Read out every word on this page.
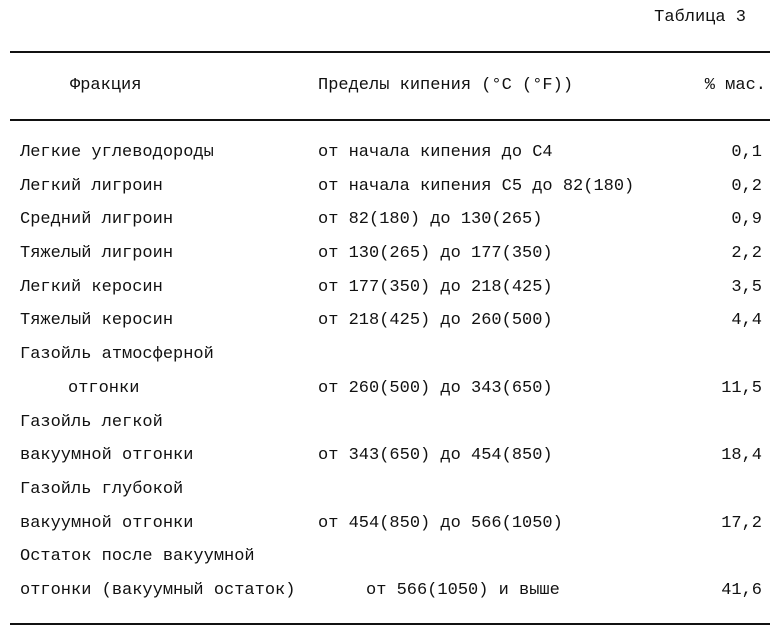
Таблица 3
Фракция	Пределы кипения (°C (°F))	% мас.
Легкие углеводороды	от начала кипения до С4	0,1
Легкий лигроин	от начала кипения С5 до 82(180)	0,2
Средний лигроин	от 82(180) до 130(265)	0,9
Тяжелый лигроин	от 130(265) до 177(350)	2,2
Легкий керосин	от 177(350) до 218(425)	3,5
Тяжелый керосин	от 218(425) до 260(500)	4,4
Газойль атмосферной
отгонки	от 260(500) до 343(650)	11,5
Газойль легкой
вакуумной отгонки	от 343(650) до 454(850)	18,4
Газойль глубокой
вакуумной отгонки	от 454(850) до 566(1050)	17,2
Остаток после вакуумной
отгонки (вакуумный остаток)	от 566(1050) и выше	41,6
